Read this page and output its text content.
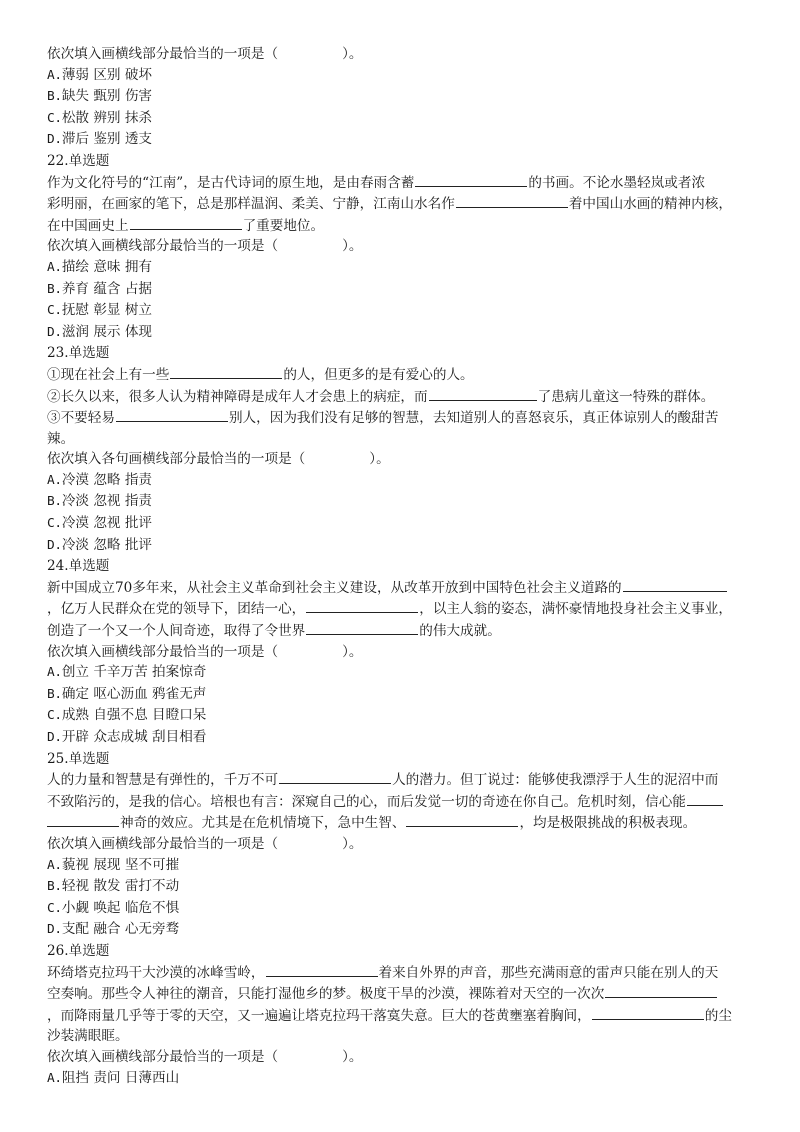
依次填入画横线部分最恰当的一项是（	）。
A.薄弱 区别 破坏
B.缺失 甄别 伤害
C.松散 辨别 抹杀
D.滞后 鉴别 透支
22.单选题
作为文化符号的“江南”，是古代诗词的原生地，是由春雨含蓄	的书画。不论水墨轻岚或者浓
彩明丽，在画家的笔下，总是那样温润、柔美、宁静，江南山水名作	着中国山水画的精神内核，
在中国画史上	了重要地位。
依次填入画横线部分最恰当的一项是（	）。
A.描绘 意味 拥有
B.养育 蕴含 占据
C.抚慰 彰显 树立
D.滋润 展示 体现
23.单选题
①现在社会上有一些	的人，但更多的是有爱心的人。
②长久以来，很多人认为精神障碍是成年人才会患上的病症，而	了患病儿童这一特殊的群体。
③不要轻易	别人，因为我们没有足够的智慧，去知道别人的喜怒哀乐，真正体谅别人的酸甜苦
辣。
依次填入各句画横线部分最恰当的一项是（	）。
A.冷漠 忽略 指责
B.冷淡 忽视 指责
C.冷漠 忽视 批评
D.冷淡 忽略 批评
24.单选题
新中国成立70多年来，从社会主义革命到社会主义建设，从改革开放到中国特色社会主义道路的
，亿万人民群众在党的领导下，团结一心，	，以主人翁的姿态，满怀豪情地投身社会主义事业，
创造了一个又一个人间奇迹，取得了令世界	的伟大成就。
依次填入画横线部分最恰当的一项是（	）。
A.创立 千辛万苦 拍案惊奇
B.确定 呕心沥血 鸦雀无声
C.成熟 自强不息 目瞪口呆
D.开辟 众志成城 刮目相看
25.单选题
人的力量和智慧是有弹性的，千万不可	人的潜力。但丁说过：能够使我漂浮于人生的泥沼中而
不致陷污的，是我的信心。培根也有言：深窥自己的心，而后发觉一切的奇迹在你自己。危机时刻，信心能
神奇的效应。尤其是在危机情境下，急中生智、	，均是极限挑战的积极表现。
依次填入画横线部分最恰当的一项是（	）。
A.藐视 展现 坚不可摧
B.轻视 散发 雷打不动
C.小觑 唤起 临危不惧
D.支配 融合 心无旁骛
26.单选题
环绮塔克拉玛干大沙漠的冰峰雪岭，	着来自外界的声音，那些充满雨意的雷声只能在别人的天
空奏响。那些令人神往的潮音，只能打湿他乡的梦。极度干旱的沙漠，裸陈着对天空的一次次
，而降雨量几乎等于零的天空，又一遍遍让塔克拉玛干落寞失意。巨大的苍黄壅塞着胸间，	的尘
沙装满眼眶。
依次填入画横线部分最恰当的一项是（	）。
A.阻挡 责问 日薄西山
